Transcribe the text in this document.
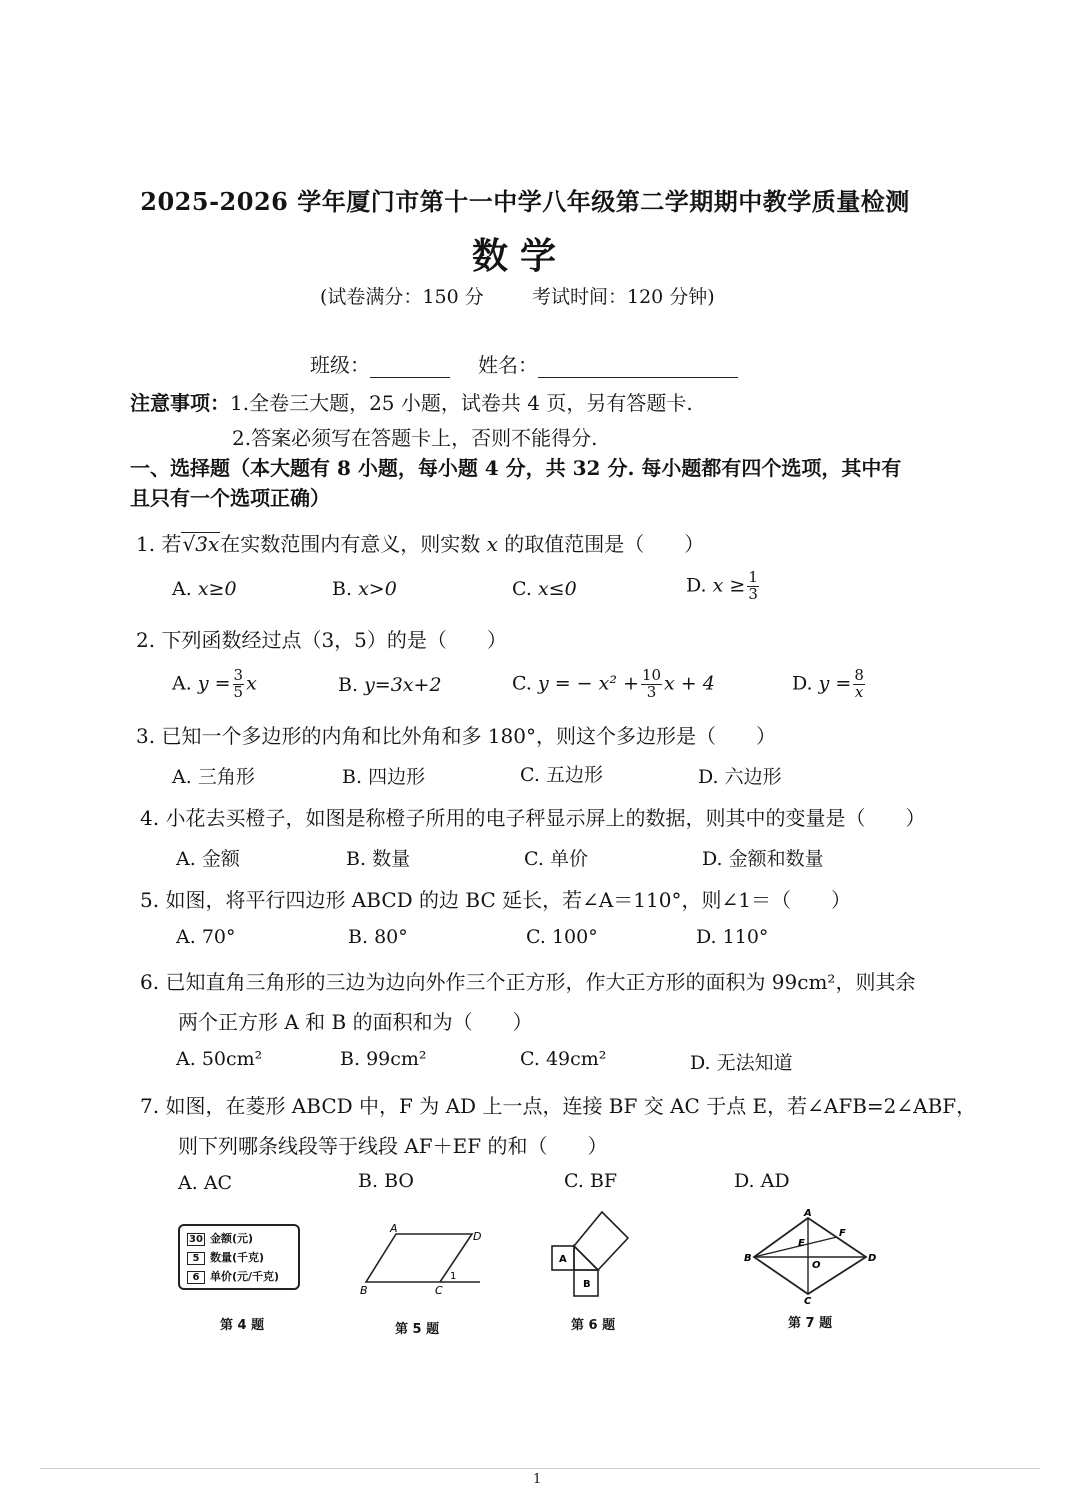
2025-2026 学年厦门市第十一中学八年级第二学期期中教学质量检测
数学
(试卷满分：150 分	考试时间：120 分钟)
班级：	姓名：
注意事项：1.全卷三大题，25 小题，试卷共 4 页，另有答题卡.
2.答案必须写在答题卡上，否则不能得分.
一、选择题（本大题有 8 小题，每小题 4 分，共 32 分. 每小题都有四个选项，其中有
且只有一个选项正确）
1. 若√3x在实数范围内有意义，则实数 x 的取值范围是（　　）
A. x≥0	B. x>0	C. x≤0	D. $x \ge \frac{1}{3}$
2. 下列函数经过点（3，5）的是（　　）
A. $y = \frac{3}{5}$ x	B. y=3x+2	C. y = − $x^2 + \frac{10}{3}$ x + 4	D. $y = \frac{8}{x}$
3. 已知一个多边形的内角和比外角和多 180°，则这个多边形是（　　）
A. 三角形	B. 四边形	C. 五边形	D. 六边形
4. 小花去买橙子，如图是称橙子所用的电子秤显示屏上的数据，则其中的变量是（　　）
A. 金额	B. 数量	C. 单价	D. 金额和数量
5. 如图，将平行四边形 ABCD 的边 BC 延长，若∠A＝110°，则∠1＝（　　）
A. 70°	B. 80°	C. 100°	D. 110°
6. 已知直角三角形的三边为边向外作三个正方形，作大正方形的面积为 99cm²，则其余
两个正方形 A 和 B 的面积和为（　　）
A. 50cm²	B. 99cm²	C. 49cm²	D. 无法知道
7. 如图，在菱形 ABCD 中，F 为 AD 上一点，连接 BF 交 AC 于点 E，若∠AFB=2∠ABF，
则下列哪条线段等于线段 AF＋EF 的和（　　）
A. AC	B. BO	C. BF	D. AD
30 金额(元)
5 数量(千克)
6 单价(元/千克)
第 4 题
A
D
B	C
1
第 5 题
A
B
第 6 题
A
B
C
D
E
F
O
第 7 题
1
